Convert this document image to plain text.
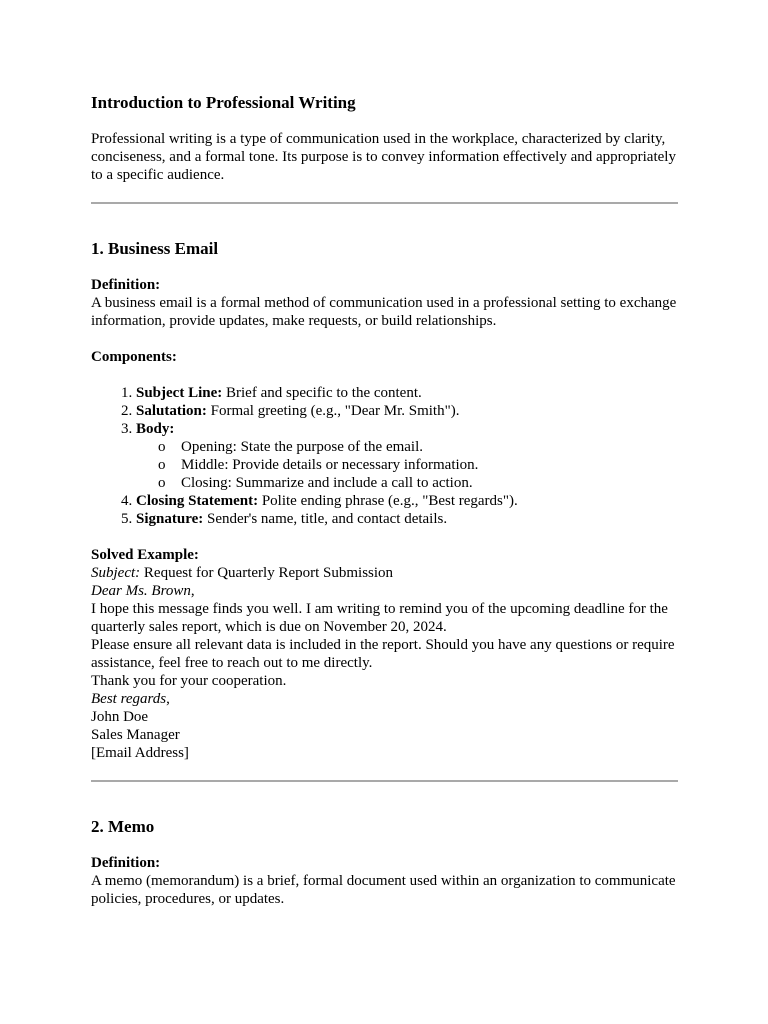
Introduction to Professional Writing

Professional writing is a type of communication used in the workplace, characterized by clarity, conciseness, and a formal tone. Its purpose is to convey information effectively and appropriately to a specific audience.

1. Business Email

Definition:

A business email is a formal method of communication used in a professional setting to exchange information, provide updates, make requests, or build relationships.

Components:

1. Subject Line: Brief and specific to the content.
2. Salutation: Formal greeting (e.g., "Dear Mr. Smith").
3. Body:
o Opening: State the purpose of the email.
o Middle: Provide details or necessary information.
o Closing: Summarize and include a call to action.
4. Closing Statement: Polite ending phrase (e.g., "Best regards").
5. Signature: Sender's name, title, and contact details.
Solved Example:
Subject: Request for Quarterly Report Submission
Dear Ms. Brown,
I hope this message finds you well. I am writing to remind you of the upcoming deadline for the quarterly sales report, which is due on November 20, 2024.
Please ensure all relevant data is included in the report. Should you have any questions or require assistance, feel free to reach out to me directly.
Thank you for your cooperation.
Best regards,
John Doe
Sales Manager
[Email Address]
2. Memo

Definition:

A memo (memorandum) is a brief, formal document used within an organization to communicate policies, procedures, or updates.
